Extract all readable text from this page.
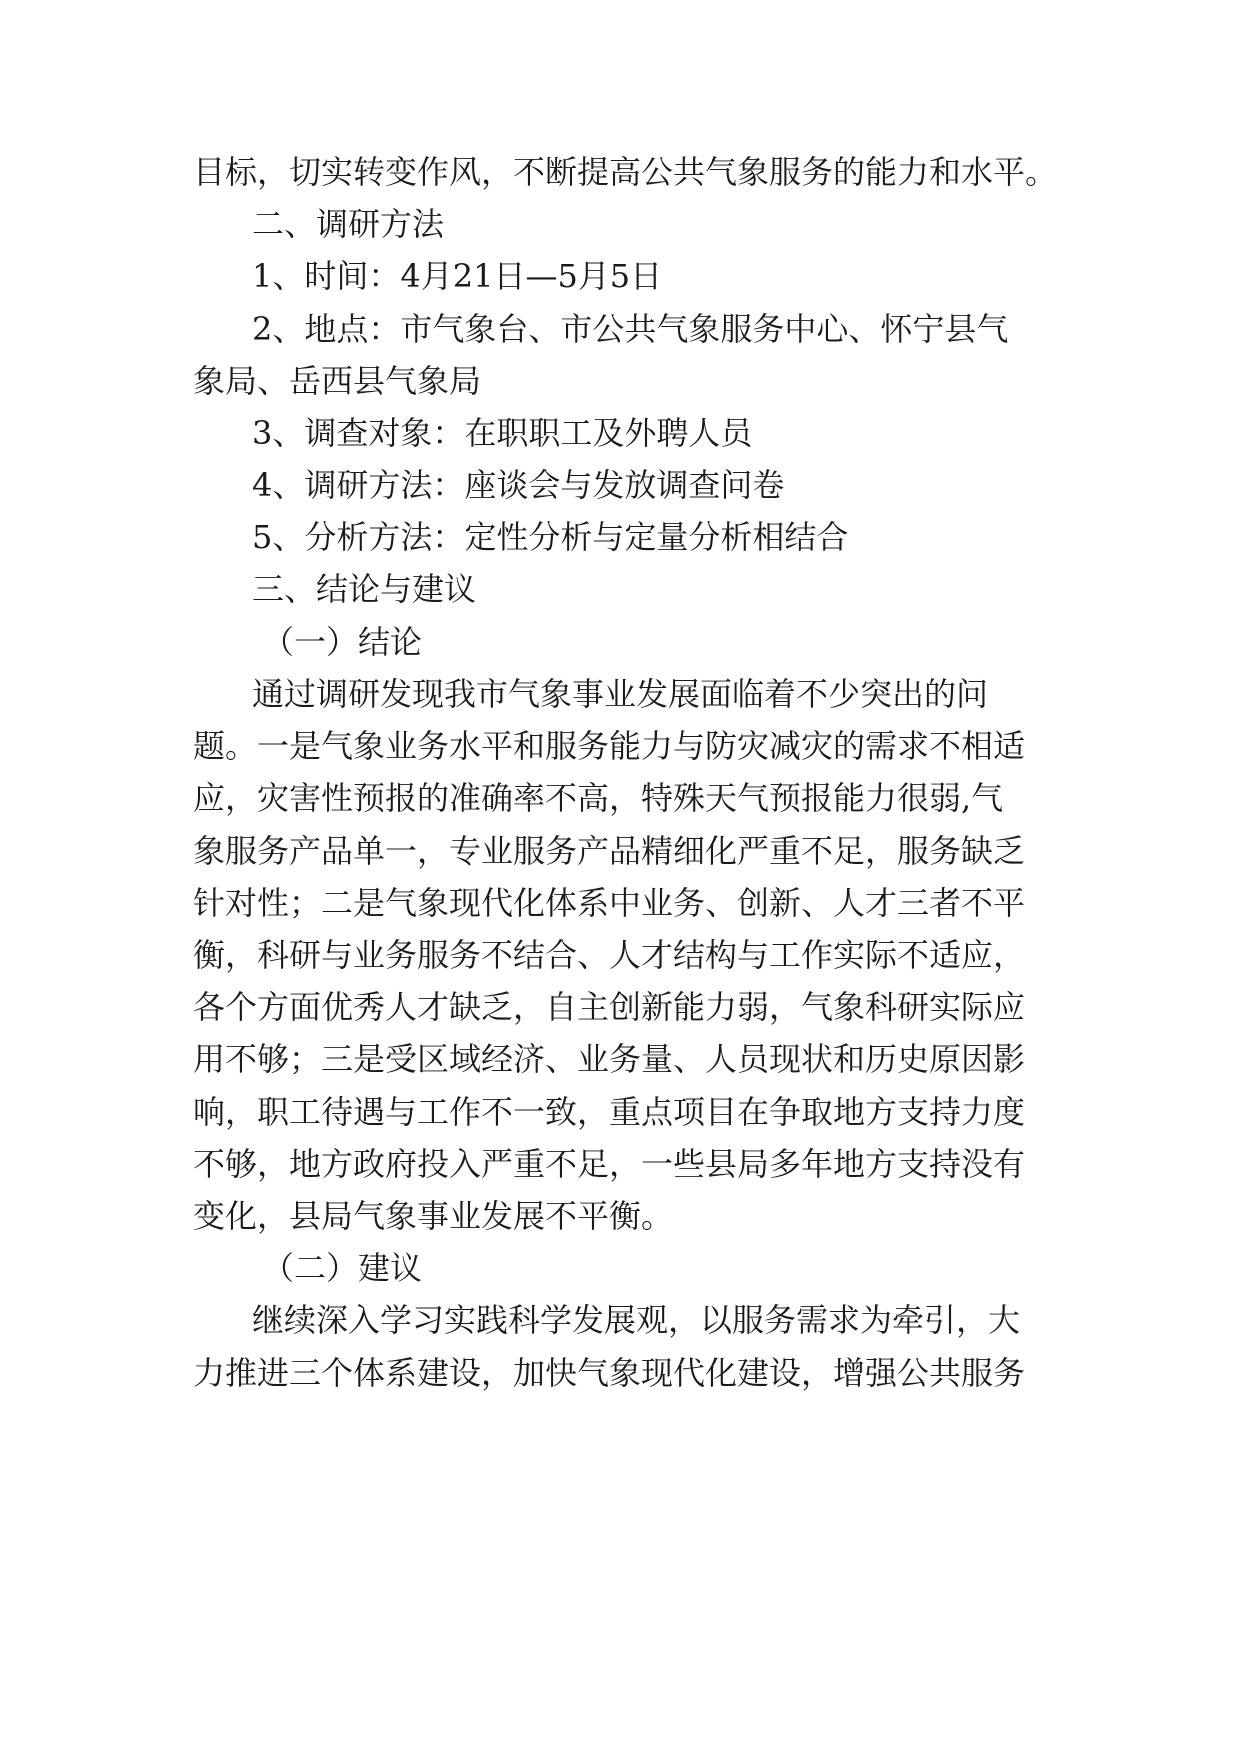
目标，切实转变作风，不断提高公共气象服务的能力和水平。
二、调研方法
1、时间：4月21日—5月5日
2、地点：市气象台、市公共气象服务中心、怀宁县气
象局、岳西县气象局
3、调查对象：在职职工及外聘人员
4、调研方法：座谈会与发放调查问卷
5、分析方法：定性分析与定量分析相结合
三、结论与建议
（一）结论
通过调研发现我市气象事业发展面临着不少突出的问
题。一是气象业务水平和服务能力与防灾减灾的需求不相适
应，灾害性预报的准确率不高，特殊天气预报能力很弱,气
象服务产品单一，专业服务产品精细化严重不足，服务缺乏
针对性；二是气象现代化体系中业务、创新、人才三者不平
衡，科研与业务服务不结合、人才结构与工作实际不适应，
各个方面优秀人才缺乏，自主创新能力弱，气象科研实际应
用不够；三是受区域经济、业务量、人员现状和历史原因影
响，职工待遇与工作不一致，重点项目在争取地方支持力度
不够，地方政府投入严重不足，一些县局多年地方支持没有
变化，县局气象事业发展不平衡。
（二）建议
继续深入学习实践科学发展观，以服务需求为牵引，大
力推进三个体系建设，加快气象现代化建设，增强公共服务
